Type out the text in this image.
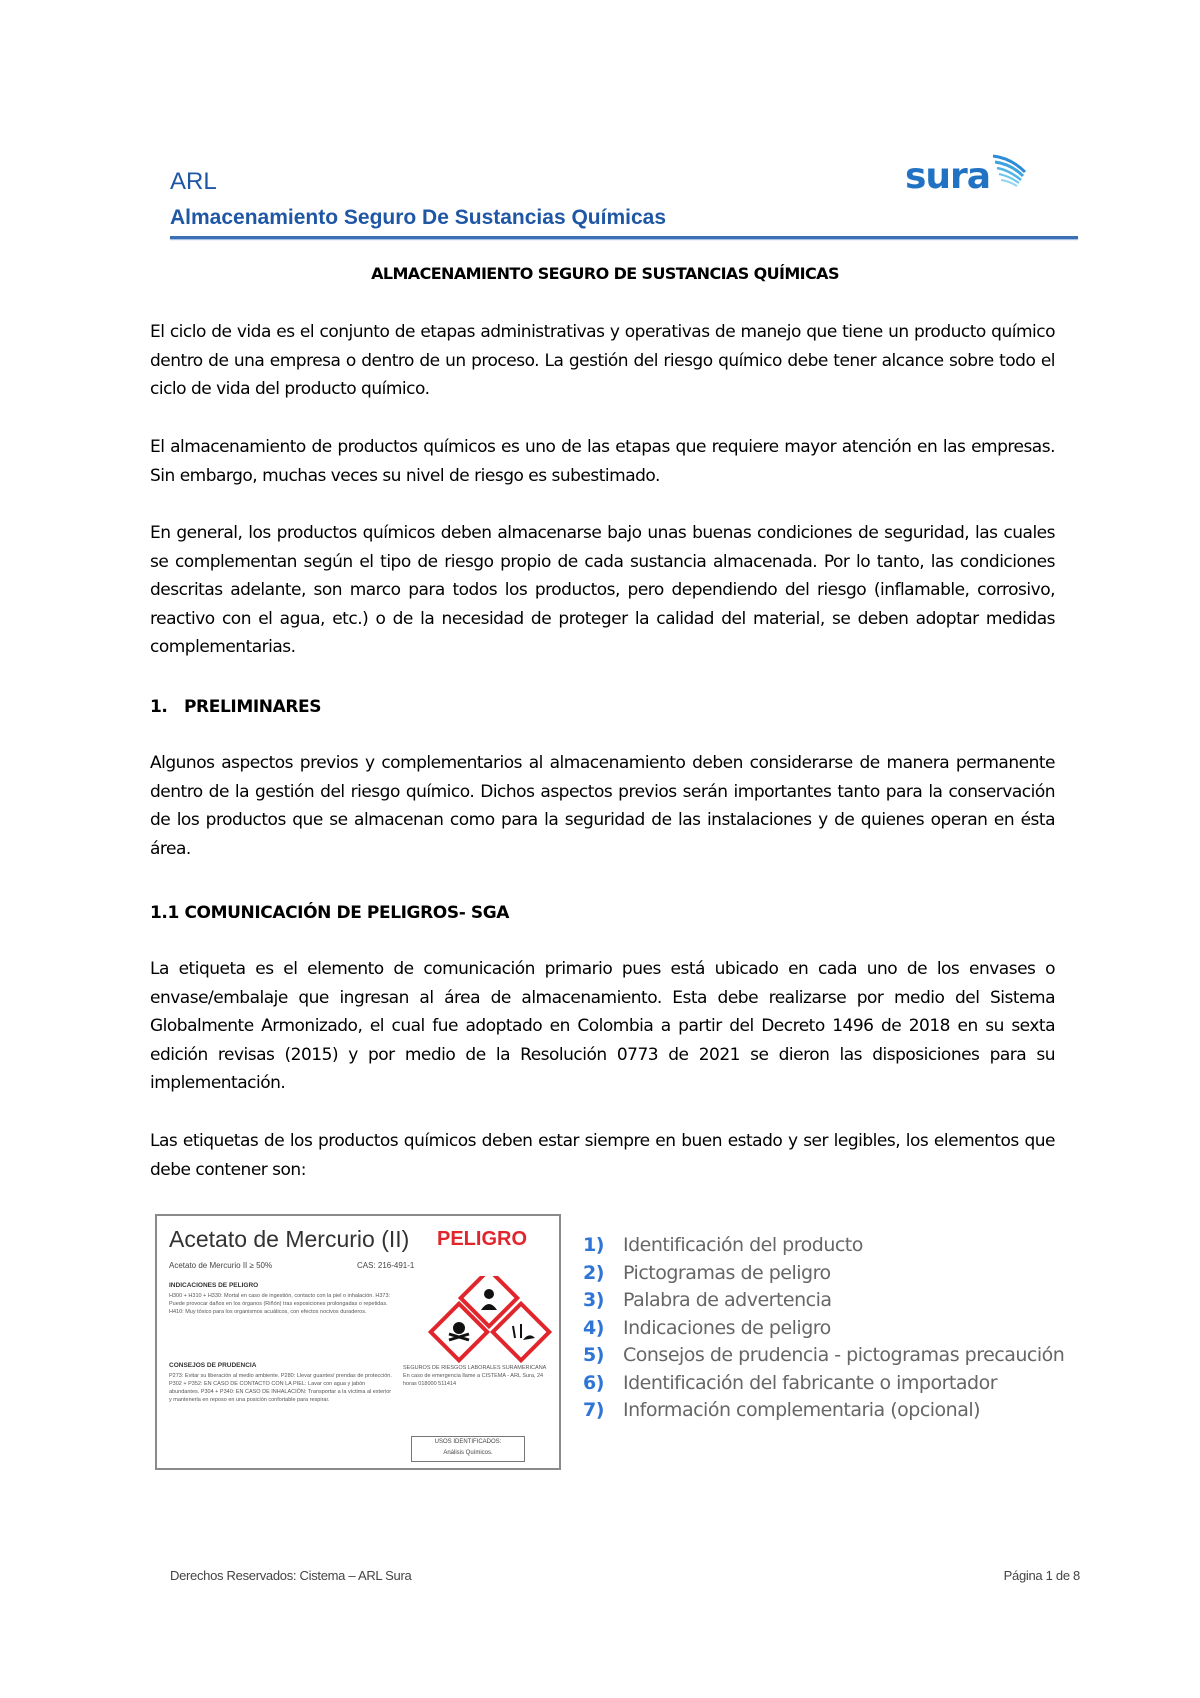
ARL
Almacenamiento Seguro De Sustancias Químicas
sura
ALMACENAMIENTO SEGURO DE SUSTANCIAS QUÍMICAS

El ciclo de vida es el conjunto de etapas administrativas y operativas de manejo que tiene un producto químico dentro de una empresa o dentro de un proceso. La gestión del riesgo químico debe tener alcance sobre todo el ciclo de vida del producto químico.

El almacenamiento de productos químicos es uno de las etapas que requiere mayor atención en las empresas. Sin embargo, muchas veces su nivel de riesgo es subestimado.

En general, los productos químicos deben almacenarse bajo unas buenas condiciones de seguridad, las cuales se complementan según el tipo de riesgo propio de cada sustancia almacenada. Por lo tanto, las condiciones descritas adelante, son marco para todos los productos, pero dependiendo del riesgo (inflamable, corrosivo, reactivo con el agua, etc.) o de la necesidad de proteger la calidad del material, se deben adoptar medidas complementarias.

1. PRELIMINARES

Algunos aspectos previos y complementarios al almacenamiento deben considerarse de manera permanente dentro de la gestión del riesgo químico. Dichos aspectos previos serán importantes tanto para la conservación de los productos que se almacenan como para la seguridad de las instalaciones y de quienes operan en ésta área.

1.1 COMUNICACIÓN DE PELIGROS- SGA

La etiqueta es el elemento de comunicación primario pues está ubicado en cada uno de los envases o envase/embalaje que ingresan al área de almacenamiento. Esta debe realizarse por medio del Sistema Globalmente Armonizado, el cual fue adoptado en Colombia a partir del Decreto 1496 de 2018 en su sexta edición revisas (2015) y por medio de la Resolución 0773 de 2021 se dieron las disposiciones para su implementación.

Las etiquetas de los productos químicos deben estar siempre en buen estado y ser legibles, los elementos que debe contener son:

Acetato de Mercurio (II) PELIGRO
Acetato de Mercurio II ≥ 50%	CAS: 216-491-1
INDICACIONES DE PELIGRO
H300 + H310 + H330: Mortal en caso de ingestión, contacto con la piel o inhalación. H373: Puede provocar daños en los órganos (Riñón) tras exposiciones prolongadas o repetidas. H410: Muy tóxico para los organismos acuáticos, con efectos nocivos duraderos.
CONSEJOS DE PRUDENCIA
P273: Evitar su liberación al medio ambiente. P280: Llevar guantes/ prendas de protección. P302 + P352: EN CASO DE CONTACTO CON LA PIEL: Lavar con agua y jabón abundantes. P304 + P340: EN CASO DE INHALACIÓN: Transportar a la víctima al exterior y mantenerla en reposo en una posición confortable para respirar.
SEGUROS DE RIESGOS LABORALES SURAMERICANA En caso de emergencia llame a CISTEMA - ARL Sura, 24 horas 018000 511414
USOS IDENTIFICADOS:
Análisis Químicos.
1) Identificación del producto
2) Pictogramas de peligro
3) Palabra de advertencia
4) Indicaciones de peligro
5) Consejos de prudencia - pictogramas precaución
6) Identificación del fabricante o importador
7) Información complementaria (opcional)
Derechos Reservados: Cistema – ARL Sura	Página 1 de 8
